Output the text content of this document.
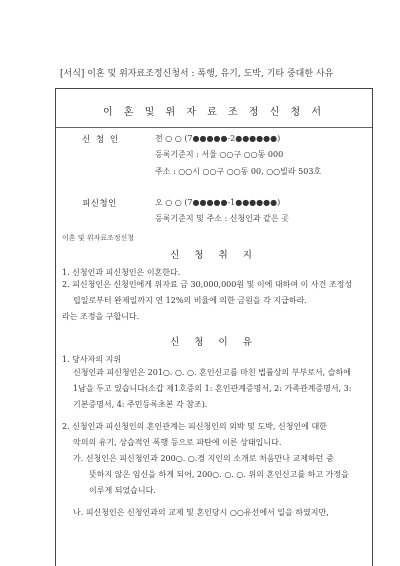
[서식] 이혼 및 위자료조정신청서 : 폭행, 유기, 도박, 기타 중대한 사유
이 혼 및 위 자 료 조 정 신 청 서
신 청 인	전 ○ ○ (7●●●●●-2●●●●●●)
등록기준지 : 서울 ○○구 ○○동 000
주소 : ○○시 ○○구 ○○동 00, ○○빌라 503호
피신청인	오 ○ ○ (7●●●●●-1●●●●●●)
등록기준지 및 주소 : 신청인과 같은 곳
이혼 및 위자료조정신청
신 청 취 지
1. 신청인과 피신청인은 이혼한다.
2. 피신청인은 신청인에게 위자료 금 30,000,000원 및 이에 대하여 이 사건 조정성
립일로부터 완제일까지 연 12%의 비율에 의한 금원을 각 지급하라.
라는 조정을 구합니다.
신 청 이 유
1. 당사자의 지위
신청인과 피신청인은 201○. ○. ○. 혼인신고를 마친 법률상의 부부로서, 슬하에
1남을 두고 있습니다(소갑 제1호증의 1: 혼인관계증명서, 2: 가족관계증명서, 3:
기본증명서, 4: 주민등록초본 각 참조).
2. 신청인과 피신청인의 혼인관계는 피신청인의 외박 및 도박, 신청인에 대한
악의의 유기, 상습적인 폭행 등으로 파탄에 이른 상태입니다.
가. 신청인은 피신청인과 200○. ○.경 지인의 소개로 처음만나 교제하던 중
뜻하지 않은 임신을 하게 되어, 200○. ○. ○. 위의 혼인신고를 하고 가정을
이루게 되었습니다.
나. 피신청인은 신청인과의 교제 및 혼인당시 ○○유선에서 일을 하였지만,
